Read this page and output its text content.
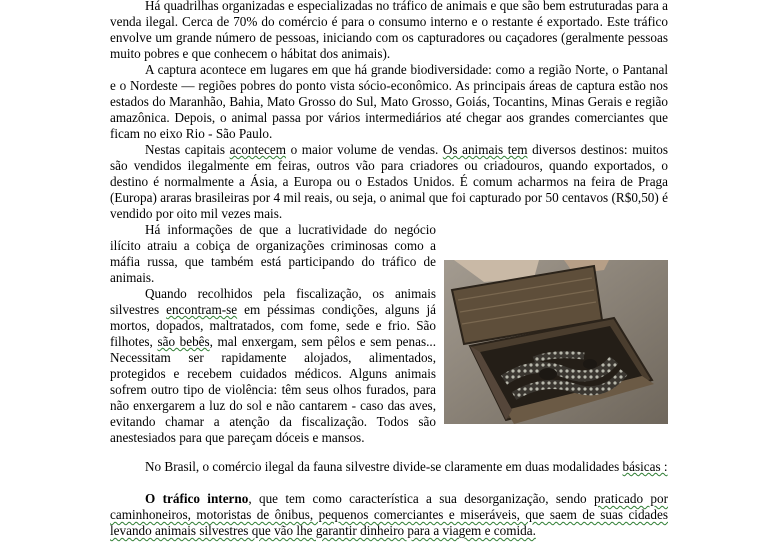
Há quadrilhas organizadas e especializadas no tráfico de animais e que são bem estruturadas para a venda ilegal. Cerca de 70% do comércio é para o consumo interno e o restante é exportado. Este tráfico envolve um grande número de pessoas, iniciando com os capturadores ou caçadores (geralmente pessoas muito pobres e que conhecem o hábitat dos animais).

A captura acontece em lugares em que há grande biodiversidade: como a região Norte, o Pantanal e o Nordeste — regiões pobres do ponto vista sócio-econômico. As principais áreas de captura estão nos estados do Maranhão, Bahia, Mato Grosso do Sul, Mato Grosso, Goiás, Tocantins, Minas Gerais e região amazônica. Depois, o animal passa por vários intermediários até chegar aos grandes comerciantes que ficam no eixo Rio - São Paulo.

Nestas capitais acontecem o maior volume de vendas. Os animais tem diversos destinos: muitos são vendidos ilegalmente em feiras, outros vão para criadores ou criadouros, quando exportados, o destino é normalmente a Ásia, a Europa ou o Estados Unidos. É comum acharmos na feira de Praga (Europa) araras brasileiras por 4 mil reais, ou seja, o animal que foi capturado por 50 centavos (R$0,50) é vendido por oito mil vezes mais.

Há informações de que a lucratividade do negócio ilícito atraiu a cobiça de organizações criminosas como a máfia russa, que também está participando do tráfico de animais.

Quando recolhidos pela fiscalização, os animais silvestres encontram-se em péssimas condições, alguns já mortos, dopados, maltratados, com fome, sede e frio. São filhotes, são bebês, mal enxergam, sem pêlos e sem penas... Necessitam ser rapidamente alojados, alimentados, protegidos e recebem cuidados médicos. Alguns animais sofrem outro tipo de violência: têm seus olhos furados, para não enxergarem a luz do sol e não cantarem - caso das aves, evitando chamar a atenção da fiscalização. Todos são anestesiados para que pareçam dóceis e mansos.

No Brasil, o comércio ilegal da fauna silvestre divide-se claramente em duas modalidades básicas :

O tráfico interno, que tem como característica a sua desorganização, sendo praticado por caminhoneiros, motoristas de ônibus, pequenos comerciantes e miseráveis, que saem de suas cidades levando animais silvestres que vão lhe garantir dinheiro para a viagem e comida.
